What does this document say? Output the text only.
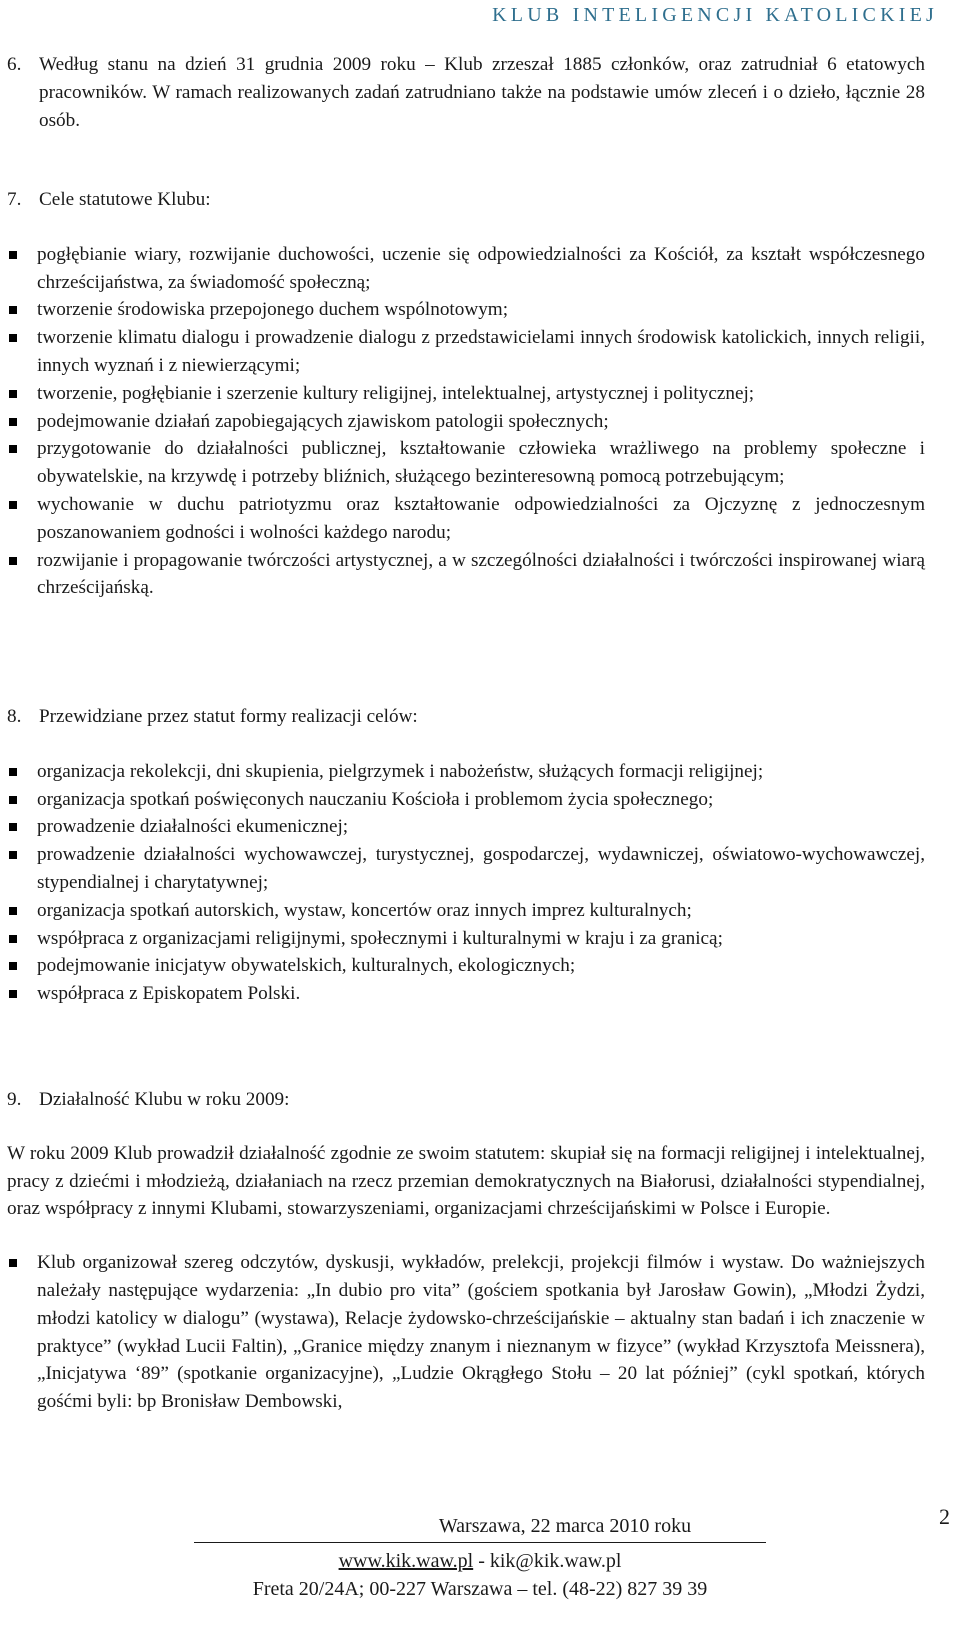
KLUB INTELIGENCJI KATOLICKIEJ
6. Według stanu na dzień 31 grudnia 2009 roku – Klub zrzeszał 1885 członków, oraz zatrudniał 6 etatowych pracowników. W ramach realizowanych zadań zatrudniano także na podstawie umów zleceń i o dzieło, łącznie 28 osób.
7. Cele statutowe Klubu:
pogłębianie wiary, rozwijanie duchowości, uczenie się odpowiedzialności za Kościół, za kształt współczesnego chrześcijaństwa, za świadomość społeczną;
tworzenie środowiska przepojonego duchem wspólnotowym;
tworzenie klimatu dialogu i prowadzenie dialogu z przedstawicielami innych środowisk katolickich, innych religii, innych wyznań i z niewierzącymi;
tworzenie, pogłębianie i szerzenie kultury religijnej, intelektualnej, artystycznej i politycznej;
podejmowanie działań zapobiegających zjawiskom patologii społecznych;
przygotowanie do działalności publicznej, kształtowanie człowieka wrażliwego na problemy społeczne i obywatelskie, na krzywdę i potrzeby bliźnich, służącego bezinteresowną pomocą potrzebującym;
wychowanie w duchu patriotyzmu oraz kształtowanie odpowiedzialności za Ojczyznę z jednoczesnym poszanowaniem godności i wolności każdego narodu;
rozwijanie i propagowanie twórczości artystycznej, a w szczególności działalności i twórczości inspirowanej wiarą chrześcijańską.
8. Przewidziane przez statut formy realizacji celów:
organizacja rekolekcji, dni skupienia, pielgrzymek i nabożeństw, służących formacji religijnej;
organizacja spotkań poświęconych nauczaniu Kościoła i problemom życia społecznego;
prowadzenie działalności ekumenicznej;
prowadzenie działalności wychowawczej, turystycznej, gospodarczej, wydawniczej, oświatowo-wychowawczej, stypendialnej i charytatywnej;
organizacja spotkań autorskich, wystaw, koncertów oraz innych imprez kulturalnych;
współpraca z organizacjami religijnymi, społecznymi i kulturalnymi w kraju i za granicą;
podejmowanie inicjatyw obywatelskich, kulturalnych, ekologicznych;
współpraca z Episkopatem Polski.
9. Działalność Klubu w roku 2009:
W roku 2009 Klub prowadził działalność zgodnie ze swoim statutem: skupiał się na formacji religijnej i intelektualnej, pracy z dziećmi i młodzieżą, działaniach na rzecz przemian demokratycznych na Białorusi, działalności stypendialnej, oraz współpracy z innymi Klubami, stowarzyszeniami, organizacjami chrześcijańskimi w Polsce i Europie.
Klub organizował szereg odczytów, dyskusji, wykładów, prelekcji, projekcji filmów i wystaw. Do ważniejszych należały następujące wydarzenia: „In dubio pro vita” (gościem spotkania był Jarosław Gowin), „Młodzi Żydzi, młodzi katolicy w dialogu” (wystawa), Relacje żydowsko-chrześcijańskie – aktualny stan badań i ich znaczenie w praktyce” (wykład Lucii Faltin), „Granice między znanym i nieznanym w fizyce” (wykład Krzysztofa Meissnera), „Inicjatywa ‘89” (spotkanie organizacyjne), „Ludzie Okrągłego Stołu – 20 lat później” (cykl spotkań, których gośćmi byli: bp Bronisław Dembowski,
2
Warszawa, 22 marca 2010 roku
www.kik.waw.pl - kik@kik.waw.pl
Freta 20/24A; 00-227 Warszawa – tel. (48-22) 827 39 39
